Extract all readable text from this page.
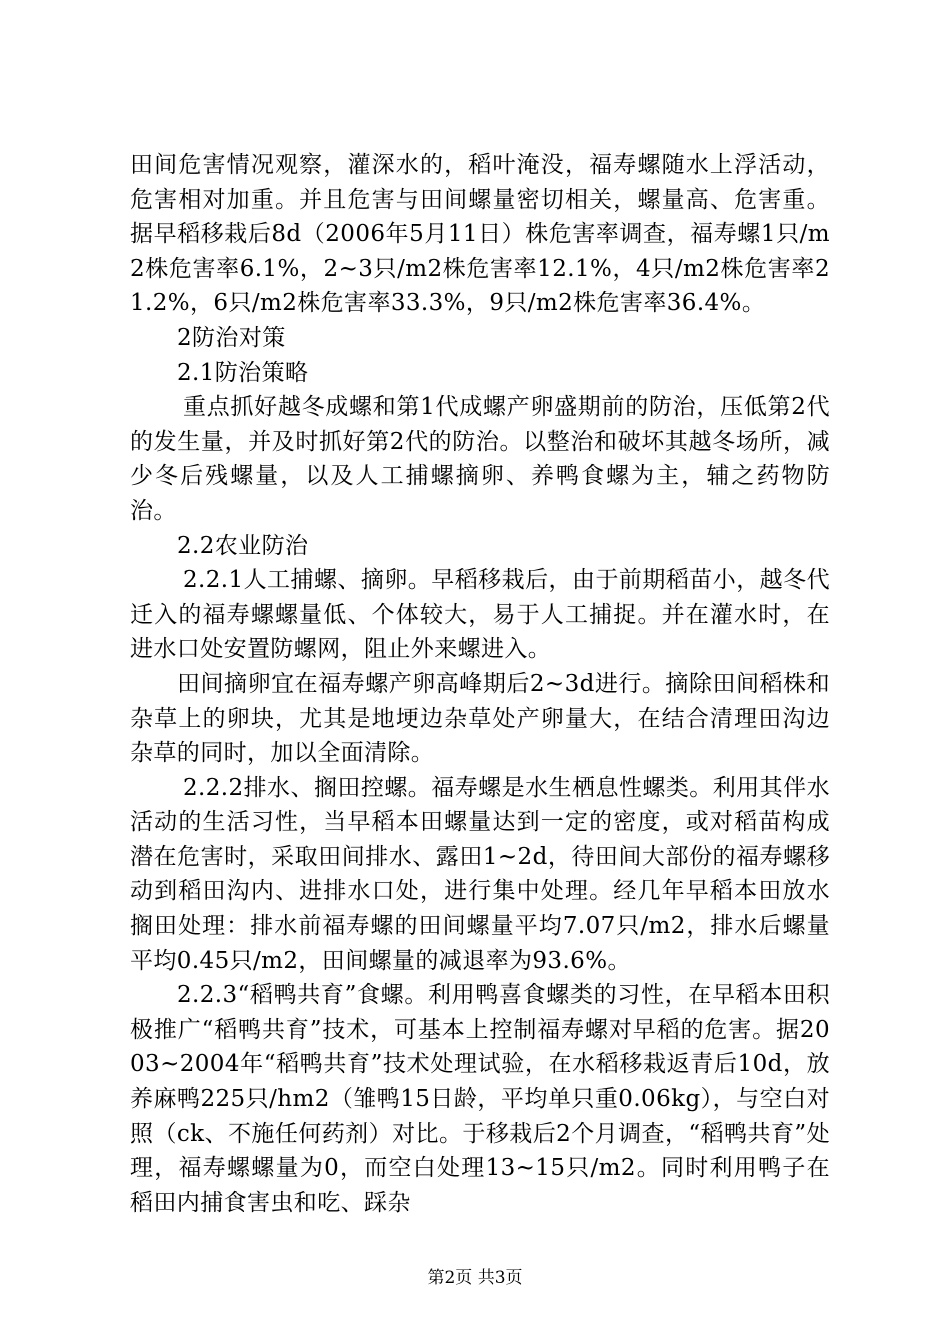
田间危害情况观察，灌深水的，稻叶淹没，福寿螺随水上浮活动，危害相对加重。并且危害与田间螺量密切相关，螺量高、危害重。据早稻移栽后8d（2006年5月11日）株危害率调查，福寿螺1只/m2株危害率6.1%，2~3只/m2株危害率12.1%，4只/m2株危害率21.2%，6只/m2株危害率33.3%，9只/m2株危害率36.4%。

2防治对策

2.1防治策略

重点抓好越冬成螺和第1代成螺产卵盛期前的防治，压低第2代的发生量，并及时抓好第2代的防治。以整治和破坏其越冬场所，减少冬后残螺量，以及人工捕螺摘卵、养鸭食螺为主，辅之药物防治。

2.2农业防治

2.2.1人工捕螺、摘卵。早稻移栽后，由于前期稻苗小，越冬代迁入的福寿螺螺量低、个体较大，易于人工捕捉。并在灌水时，在进水口处安置防螺网，阻止外来螺进入。

田间摘卵宜在福寿螺产卵高峰期后2~3d进行。摘除田间稻株和杂草上的卵块，尤其是地埂边杂草处产卵量大，在结合清理田沟边杂草的同时，加以全面清除。

2.2.2排水、搁田控螺。福寿螺是水生栖息性螺类。利用其伴水活动的生活习性，当早稻本田螺量达到一定的密度，或对稻苗构成潜在危害时，采取田间排水、露田1~2d，待田间大部份的福寿螺移动到稻田沟内、进排水口处，进行集中处理。经几年早稻本田放水搁田处理：排水前福寿螺的田间螺量平均7.07只/m2，排水后螺量平均0.45只/m2，田间螺量的减退率为93.6%。

2.2.3“稻鸭共育”食螺。利用鸭喜食螺类的习性，在早稻本田积极推广“稻鸭共育”技术，可基本上控制福寿螺对早稻的危害。据2003~2004年“稻鸭共育”技术处理试验，在水稻移栽返青后10d，放养麻鸭225只/hm2（雏鸭15日龄，平均单只重0.06kg），与空白对照（ck、不施任何药剂）对比。于移栽后2个月调查，“稻鸭共育”处理，福寿螺螺量为0，而空白处理13~15只/m2。同时利用鸭子在稻田内捕食害虫和吃、踩杂

第2页 共3页
